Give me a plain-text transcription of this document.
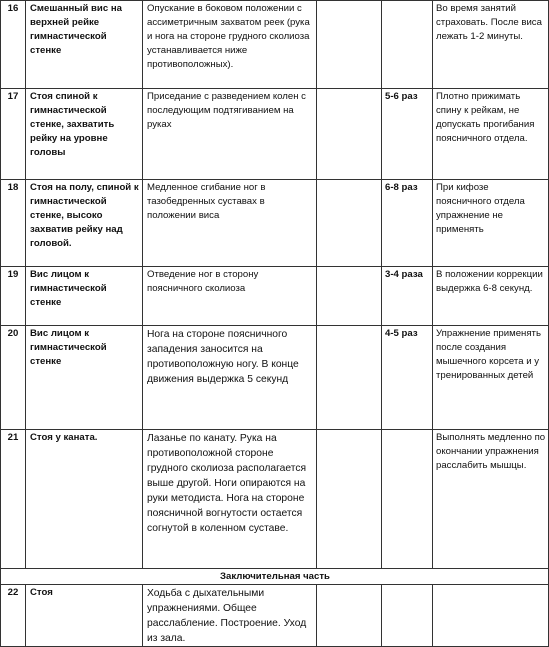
16	Смешанный вис на верхней рейке гимнастической стенке	Опускание в боковом положении с ассиметричным захватом реек (рука и нога на стороне грудного сколиоза устанавливается ниже противоположных).			Во время занятий страховать. После виса лежать 1-2 минуты.
17	Стоя спиной к гимнастической стенке, захватить рейку на уровне головы	Приседание с разведением колен с последующим подтягиванием на руках		5-6 раз	Плотно прижимать спину к рейкам, не допускать прогибания поясничного отдела.
18	Стоя на полу, спиной к гимнастической стенке, высоко захватив рейку над головой.	Медленное сгибание ног в тазобедренных суставах в положении виса		6-8 раз	При кифозе поясничного отдела упражнение не применять
19	Вис лицом к гимнастической стенке	Отведение ног в сторону поясничного сколиоза		3-4 раза	В положении коррекции выдержка 6-8 секунд.
20	Вис лицом к гимнастической стенке	Нога на стороне поясничного западения заносится на противоположную ногу. В конце движения выдержка 5 секунд		4-5 раз	Упражнение применять после создания мышечного корсета и у тренированных детей
21	Стоя у каната.	Лазанье по канату. Рука на противоположной стороне грудного сколиоза располагается выше другой. Ноги опираются на руки методиста. Нога на стороне поясничной вогнутости остается согнутой в коленном суставе.			Выполнять медленно по окончании упражнения расслабить мышцы.
Заключительная часть					
22	Стоя	Ходьба с дыхательными упражнениями. Общее расслабление. Построение. Уход из зала.			
